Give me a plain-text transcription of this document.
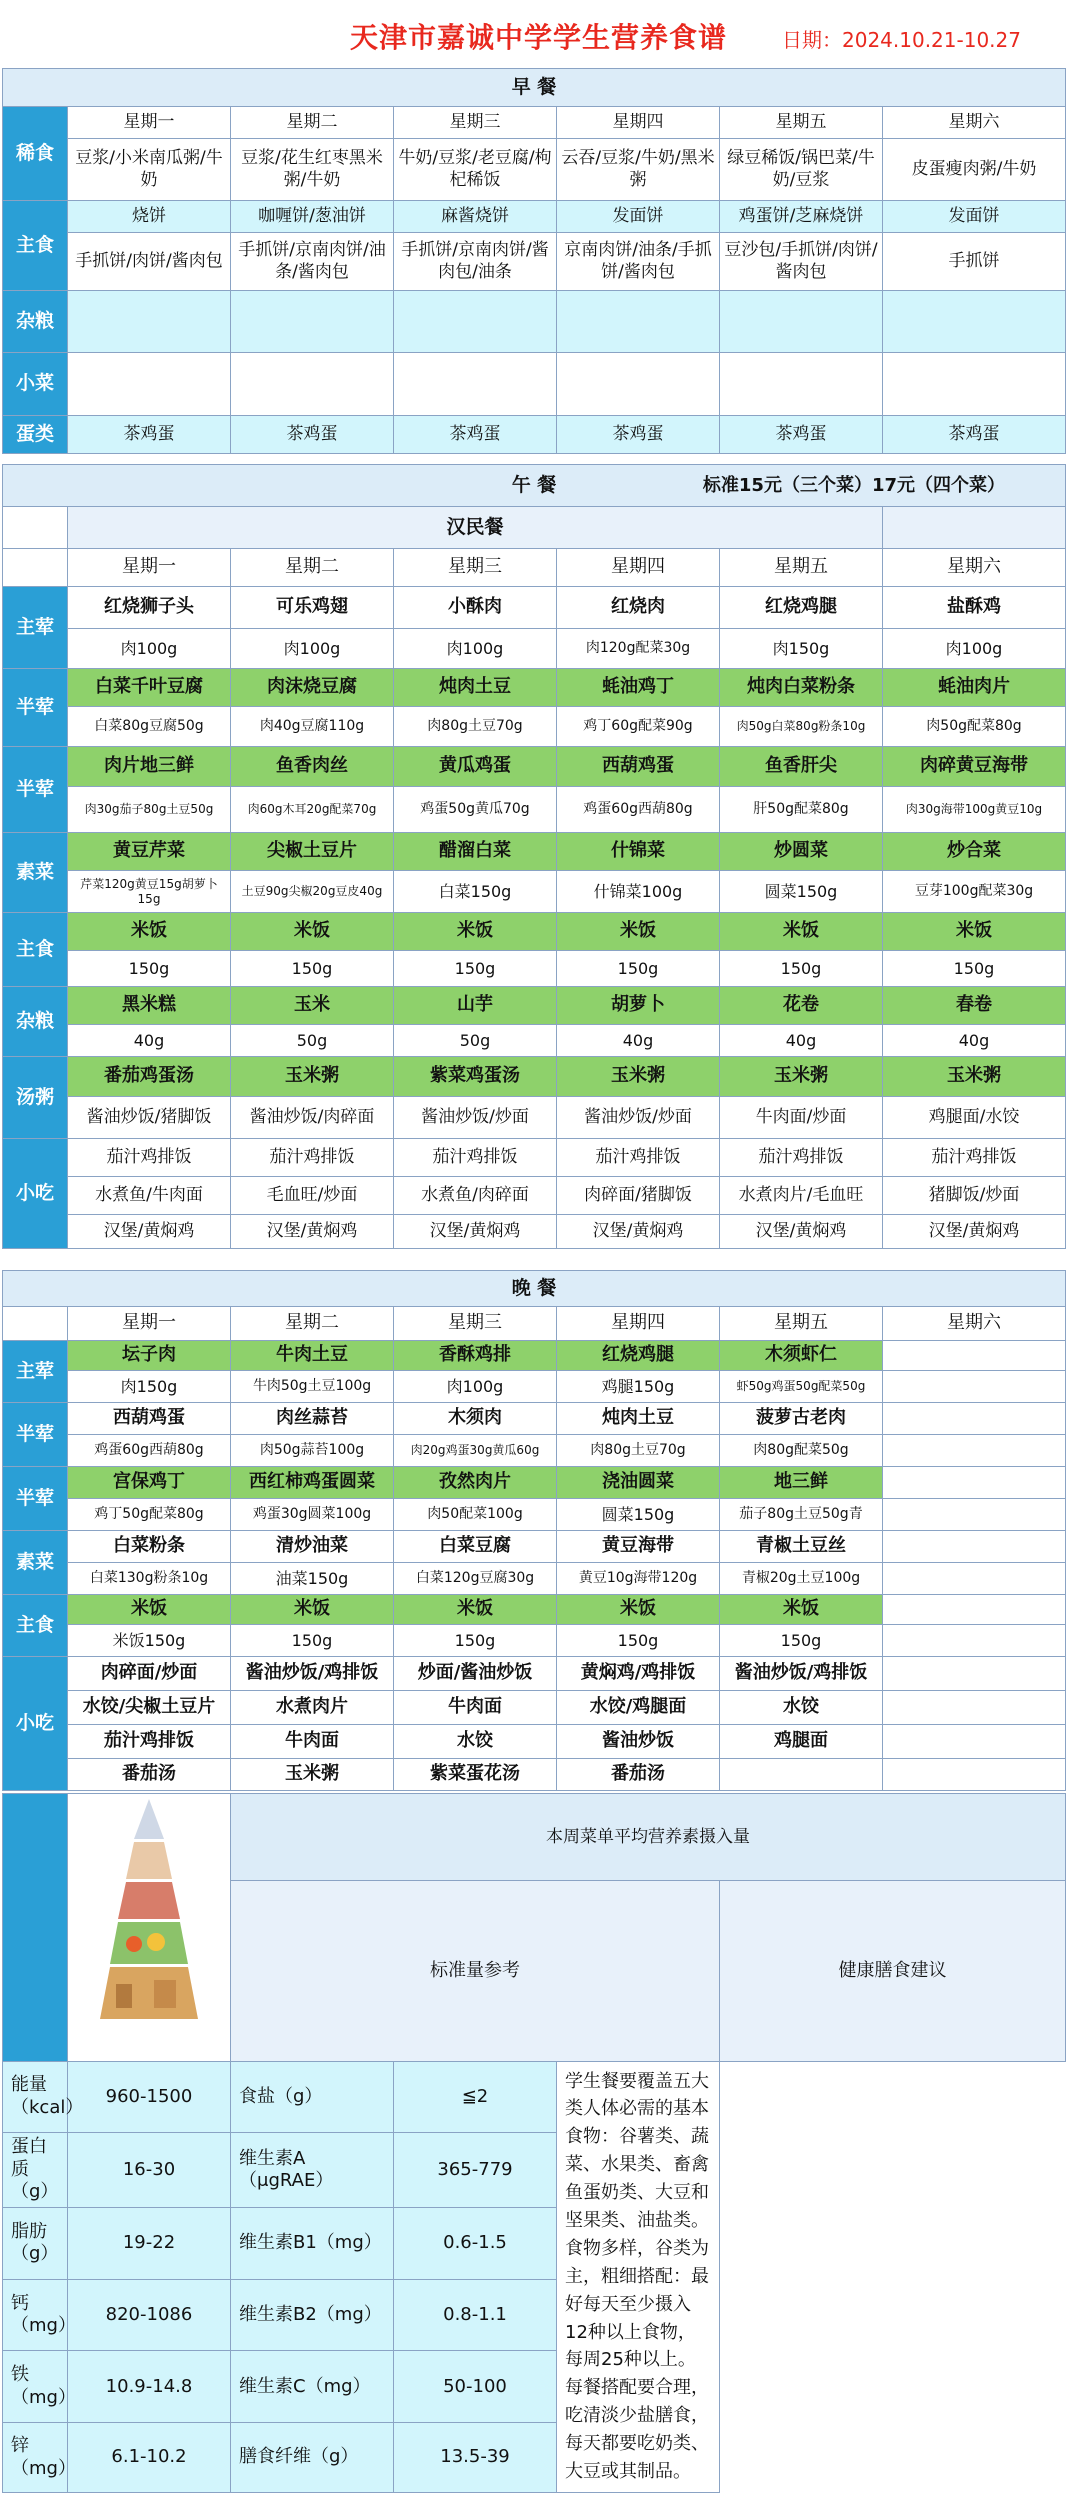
天津市嘉诚中学学生营养食谱	日期：2024.10.21-10.27
早 餐						
稀食	星期一	星期二	星期三	星期四	星期五	星期六
	豆浆/小米南瓜粥/牛奶	豆浆/花生红枣黑米粥/牛奶	牛奶/豆浆/老豆腐/枸杞稀饭	云吞/豆浆/牛奶/黑米粥	绿豆稀饭/锅巴菜/牛奶/豆浆	皮蛋瘦肉粥/牛奶
主食	烧饼	咖喱饼/葱油饼	麻酱烧饼	发面饼	鸡蛋饼/芝麻烧饼	发面饼
	手抓饼/肉饼/酱肉包	手抓饼/京南肉饼/油条/酱肉包	手抓饼/京南肉饼/酱肉包/油条	京南肉饼/油条/手抓饼/酱肉包	豆沙包/手抓饼/肉饼/酱肉包	手抓饼
杂粮						
小菜						
蛋类	茶鸡蛋	茶鸡蛋	茶鸡蛋	茶鸡蛋	茶鸡蛋	茶鸡蛋
午 餐 标准15元（三个菜）17元（四个菜）						

	汉民餐					
	星期一	星期二	星期三	星期四	星期五	星期六
主荤	红烧狮子头	可乐鸡翅	小酥肉	红烧肉	红烧鸡腿	盐酥鸡
	肉100g	肉100g	肉100g	肉120g配菜30g	肉150g	肉100g
半荤	白菜千叶豆腐	肉沫烧豆腐	炖肉土豆	蚝油鸡丁	炖肉白菜粉条	蚝油肉片
	白菜80g豆腐50g	肉40g豆腐110g	肉80g土豆70g	鸡丁60g配菜90g	肉50g白菜80g粉条10g	肉50g配菜80g
半荤	肉片地三鲜	鱼香肉丝	黄瓜鸡蛋	西葫鸡蛋	鱼香肝尖	肉碎黄豆海带
	肉30g茄子80g土豆50g	肉60g木耳20g配菜70g	鸡蛋50g黄瓜70g	鸡蛋60g西葫80g	肝50g配菜80g	肉30g海带100g黄豆10g
素菜	黄豆芹菜	尖椒土豆片	醋溜白菜	什锦菜	炒圆菜	炒合菜
	芹菜120g黄豆15g胡萝卜15g	土豆90g尖椒20g豆皮40g	白菜150g	什锦菜100g	圆菜150g	豆芽100g配菜30g
主食	米饭	米饭	米饭	米饭	米饭	米饭
	150g	150g	150g	150g	150g	150g
杂粮	黑米糕	玉米	山芋	胡萝卜	花卷	春卷
	40g	50g	50g	40g	40g	40g
汤粥	番茄鸡蛋汤	玉米粥	紫菜鸡蛋汤	玉米粥	玉米粥	玉米粥
	酱油炒饭/猪脚饭	酱油炒饭/肉碎面	酱油炒饭/炒面	酱油炒饭/炒面	牛肉面/炒面	鸡腿面/水饺
小吃	茄汁鸡排饭	茄汁鸡排饭	茄汁鸡排饭	茄汁鸡排饭	茄汁鸡排饭	茄汁鸡排饭
	水煮鱼/牛肉面	毛血旺/炒面	水煮鱼/肉碎面	肉碎面/猪脚饭	水煮肉片/毛血旺	猪脚饭/炒面
	汉堡/黄焖鸡	汉堡/黄焖鸡	汉堡/黄焖鸡	汉堡/黄焖鸡	汉堡/黄焖鸡	汉堡/黄焖鸡
晚 餐						
	星期一	星期二	星期三	星期四	星期五	星期六
主荤	坛子肉	牛肉土豆	香酥鸡排	红烧鸡腿	木须虾仁	
	肉150g	牛肉50g土豆100g	肉100g	鸡腿150g	虾50g鸡蛋50g配菜50g	
半荤	西葫鸡蛋	肉丝蒜苔	木须肉	炖肉土豆	菠萝古老肉	
	鸡蛋60g西葫80g	肉50g蒜苔100g	肉20g鸡蛋30g黄瓜60g	肉80g土豆70g	肉80g配菜50g	
半荤	宫保鸡丁	西红柿鸡蛋圆菜	孜然肉片	浇油圆菜	地三鲜	
	鸡丁50g配菜80g	鸡蛋30g圆菜100g	肉50配菜100g	圆菜150g	茄子80g土豆50g青	
素菜	白菜粉条	清炒油菜	白菜豆腐	黄豆海带	青椒土豆丝	
	白菜130g粉条10g	油菜150g	白菜120g豆腐30g	黄豆10g海带120g	青椒20g土豆100g	
主食	米饭	米饭	米饭	米饭	米饭	
	米饭150g	150g	150g	150g	150g	
小吃	肉碎面/炒面	酱油炒饭/鸡排饭	炒面/酱油炒饭	黄焖鸡/鸡排饭	酱油炒饭/鸡排饭	
	水饺/尖椒土豆片	水煮肉片	牛肉面	水饺/鸡腿面	水饺	
	茄汁鸡排饭	牛肉面	水饺	酱油炒饭	鸡腿面	
	番茄汤	玉米粥	紫菜蛋花汤	番茄汤		
		本周菜单平均营养素摄入量			
		标准量参考			健康膳食建议
能量（kcal）	960-1500	食盐（g）	≦2	学生餐要覆盖五大类人体必需的基本食物：谷薯类、蔬菜、水果类、畜禽鱼蛋奶类、大豆和坚果类、油盐类。食物多样，谷类为主，粗细搭配：最好每天至少摄入12种以上食物，每周25种以上。每餐搭配要合理，吃清淡少盐膳食，每天都要吃奶类、大豆或其制品。	
蛋白质（g）	16-30	维生素A（μgRAE）	365-779		
脂肪（g）	19-22	维生素B1（mg）	0.6-1.5		
钙（mg）	820-1086	维生素B2（mg）	0.8-1.1		
铁（mg）	10.9-14.8	维生素C（mg）	50-100		
锌（mg）	6.1-10.2	膳食纤维（g）	13.5-39		
